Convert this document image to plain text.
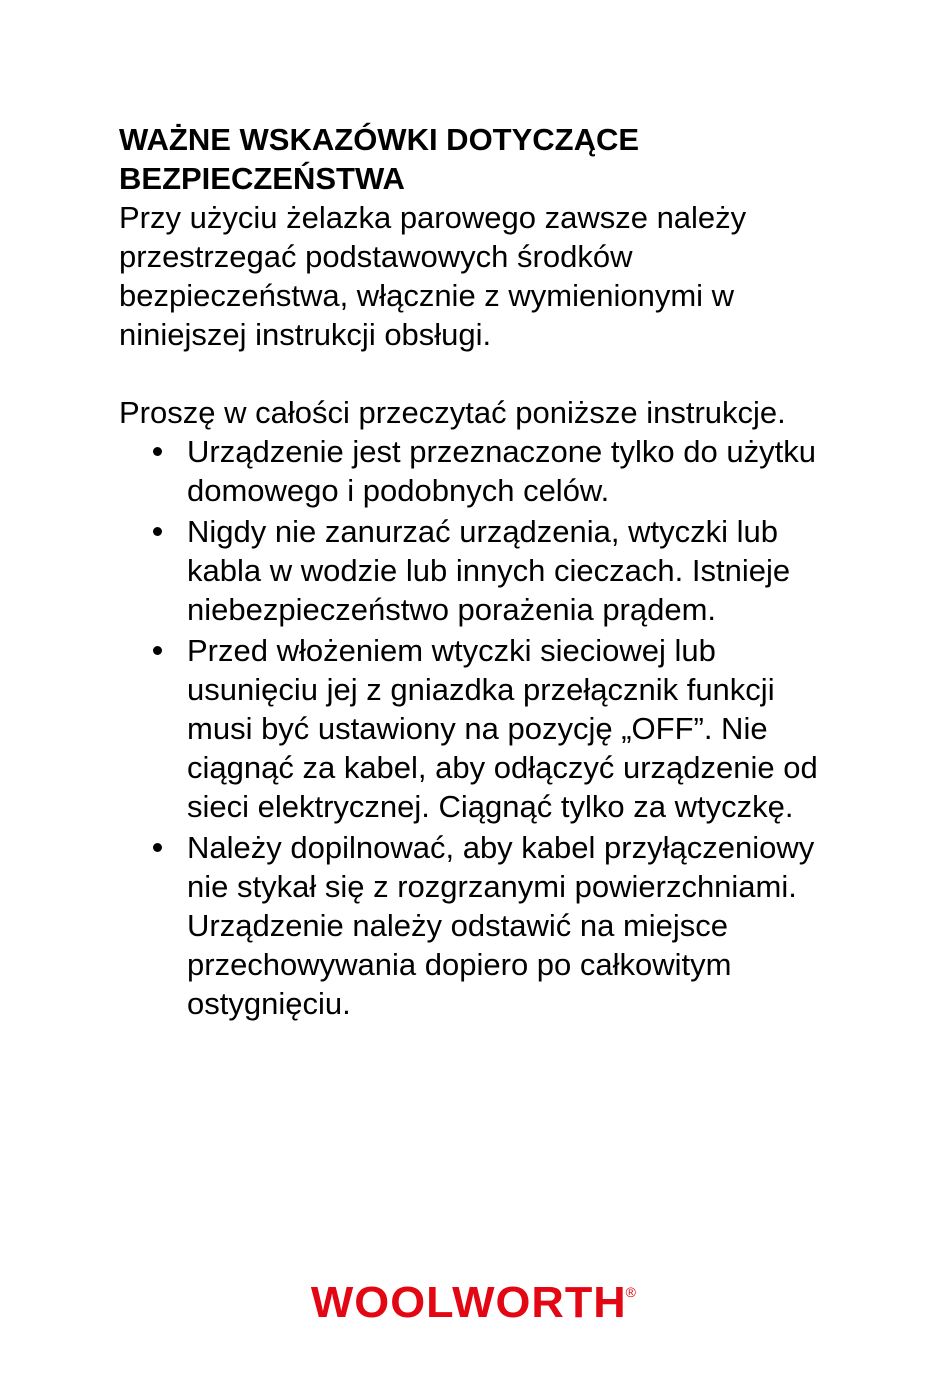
WAŻNE WSKAZÓWKI DOTYCZĄCE
BEZPIECZEŃSTWA

Przy użyciu żelazka parowego zawsze należy przestrzegać podstawowych środków bezpieczeństwa, włącznie z wymienionymi w niniejszej instrukcji obsługi.

Proszę w całości przeczytać poniższe instrukcje.

Urządzenie jest przeznaczone tylko do użytku domowego i podobnych celów.
Nigdy nie zanurzać urządzenia, wtyczki lub kabla w wodzie lub innych cieczach. Istnieje niebezpieczeństwo porażenia prądem.
Przed włożeniem wtyczki sieciowej lub usunięciu jej z gniazdka przełącznik funkcji musi być ustawiony na pozycję „OFF”. Nie ciągnąć za kabel, aby odłączyć urządzenie od sieci elektrycznej. Ciągnąć tylko za wtyczkę.
Należy dopilnować, aby kabel przyłączeniowy nie stykał się z rozgrzanymi powierzchniami. Urządzenie należy odstawić na miejsce przechowywania dopiero po całkowitym ostygnięciu.
WOOLWORTH®
